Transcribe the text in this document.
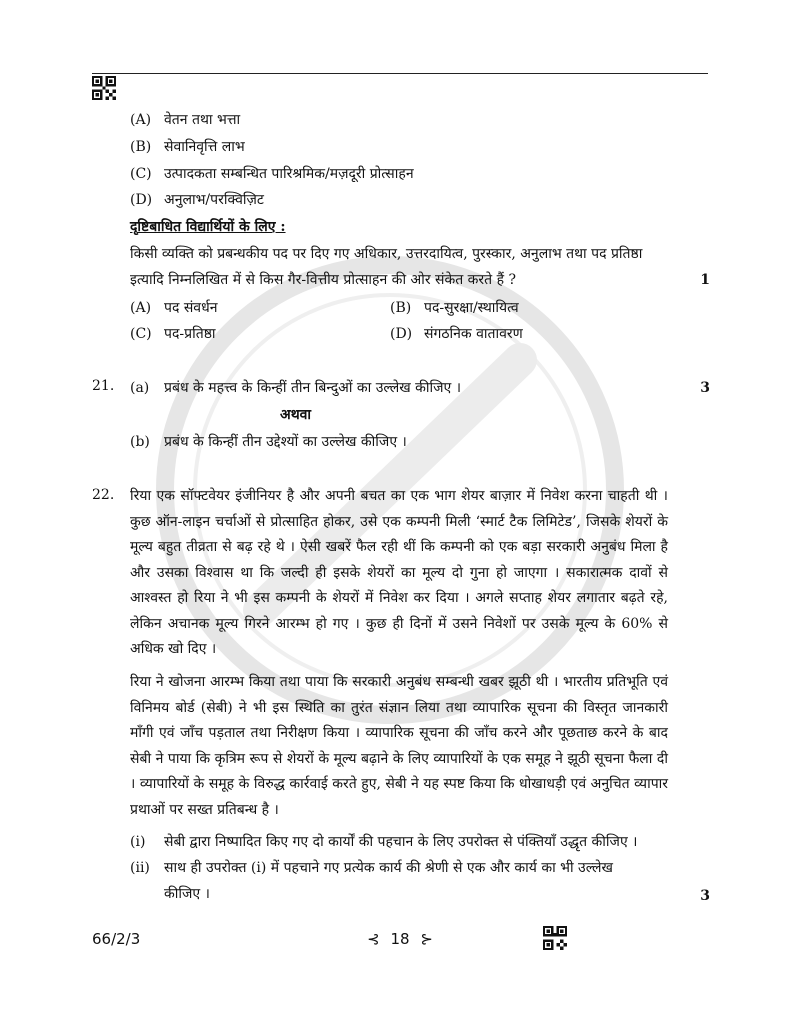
(A) वेतन तथा भत्ता
(B) सेवानिवृत्ति लाभ
(C) उत्पादकता सम्बन्धित पारिश्रमिक/मज़दूरी प्रोत्साहन
(D) अनुलाभ/परक्विज़िट
दृष्टिबाधित विद्यार्थियों के लिए :
किसी व्यक्ति को प्रबन्धकीय पद पर दिए गए अधिकार, उत्तरदायित्व, पुरस्कार, अनुलाभ तथा पद प्रतिष्ठा
इत्यादि निम्नलिखित में से किस गैर-वित्तीय प्रोत्साहन की ओर संकेत करते हैं ?	1
(A) पद संवर्धन	(B) पद-सुरक्षा/स्थायित्व
(C) पद-प्रतिष्ठा	(D) संगठनिक वातावरण
21. (a) प्रबंध के महत्त्व के किन्हीं तीन बिन्दुओं का उल्लेख कीजिए ।	3
अथवा
(b) प्रबंध के किन्हीं तीन उद्देश्यों का उल्लेख कीजिए ।
22. रिया एक सॉफ्टवेयर इंजीनियर है और अपनी बचत का एक भाग शेयर बाज़ार में निवेश करना चाहती थी । कुछ ऑन-लाइन चर्चाओं से प्रोत्साहित होकर, उसे एक कम्पनी मिली ‘स्मार्ट टैक लिमिटेड’, जिसके शेयरों के मूल्य बहुत तीव्रता से बढ़ रहे थे । ऐसी खबरें फैल रही थीं कि कम्पनी को एक बड़ा सरकारी अनुबंध मिला है और उसका विश्वास था कि जल्दी ही इसके शेयरों का मूल्य दो गुना हो जाएगा । सकारात्मक दावों से आश्वस्त हो रिया ने भी इस कम्पनी के शेयरों में निवेश कर दिया । अगले सप्ताह शेयर लगातार बढ़ते रहे, लेकिन अचानक मूल्य गिरने आरम्भ हो गए । कुछ ही दिनों में उसने निवेशों पर उसके मूल्य के 60% से अधिक खो दिए ।
रिया ने खोजना आरम्भ किया तथा पाया कि सरकारी अनुबंध सम्बन्धी खबर झूठी थी । भारतीय प्रतिभूति एवं विनिमय बोर्ड (सेबी) ने भी इस स्थिति का तुरंत संज्ञान लिया तथा व्यापारिक सूचना की विस्तृत जानकारी माँगी एवं जाँच पड़ताल तथा निरीक्षण किया । व्यापारिक सूचना की जाँच करने और पूछताछ करने के बाद सेबी ने पाया कि कृत्रिम रूप से शेयरों के मूल्य बढ़ाने के लिए व्यापारियों के एक समूह ने झूठी सूचना फैला दी । व्यापारियों के समूह के विरुद्ध कार्रवाई करते हुए, सेबी ने यह स्पष्ट किया कि धोखाधड़ी एवं अनुचित व्यापार प्रथाओं पर सख्त प्रतिबन्ध है ।
(i) सेबी द्वारा निष्पादित किए गए दो कार्यों की पहचान के लिए उपरोक्त से पंक्तियाँ उद्धृत कीजिए ।
(ii) साथ ही उपरोक्त (i) में पहचाने गए प्रत्येक कार्य की श्रेणी से एक और कार्य का भी उल्लेख
कीजिए ।	3
66/2/3	⊰ 18 ⊱
